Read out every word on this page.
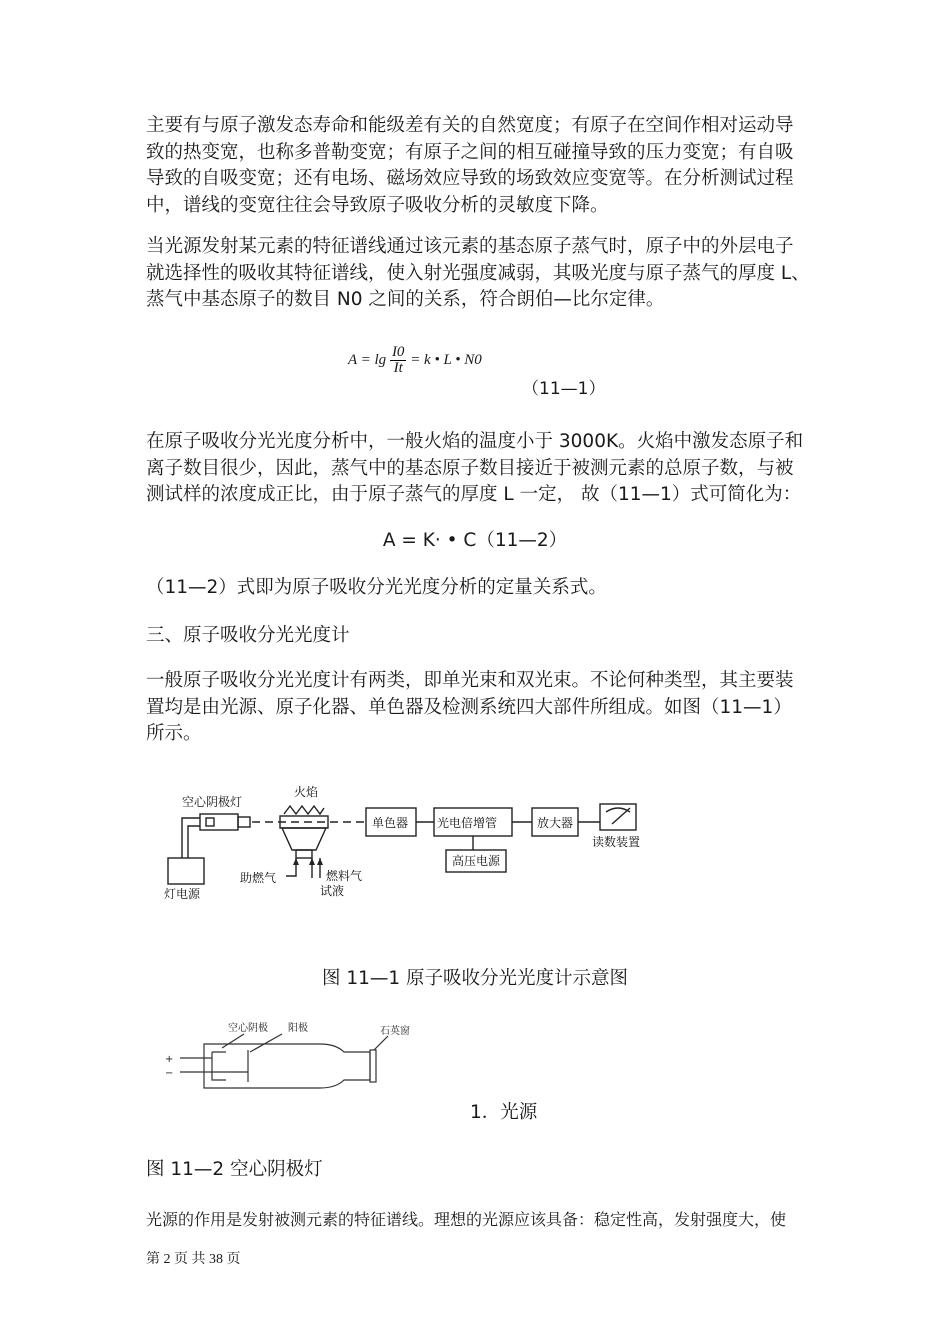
主要有与原子激发态寿命和能级差有关的自然宽度；有原子在空间作相对运动导致的热变宽，也称多普勒变宽；有原子之间的相互碰撞导致的压力变宽；有自吸导致的自吸变宽；还有电场、磁场效应导致的场致效应变宽等。在分析测试过程中，谱线的变宽往往会导致原子吸收分析的灵敏度下降。

当光源发射某元素的特征谱线通过该元素的基态原子蒸气时，原子中的外层电子就选择性的吸收其特征谱线，使入射光强度减弱，其吸光度与原子蒸气的厚度 L、蒸气中基态原子的数目 N0 之间的关系，符合朗伯—比尔定律。

$A = \lg \frac{I0}{It} = k$ • L • N0
（11—1）

在原子吸收分光光度分析中，一般火焰的温度小于 3000K。火焰中激发态原子和离子数目很少，因此，蒸气中的基态原子数目接近于被测元素的总原子数，与被测试样的浓度成正比，由于原子蒸气的厚度 L 一定， 故（11—1）式可简化为：

A = K· • C（11—2）

（11—2）式即为原子吸收分光光度分析的定量关系式。

三、原子吸收分光光度计

一般原子吸收分光光度计有两类，即单光束和双光束。不论何种类型，其主要装置均是由光源、原子化器、单色器及检测系统四大部件所组成。如图（11—1）所示。

空心阴极灯
火焰
单色器 光电倍增管	放大器
读数装置
高压电源
灯电源
助燃气	燃料气
试液
图 11—1 原子吸收分光光度计示意图
+
−
空心阴极 阳极	石英窗
1．光源
图 11—2 空心阴极灯
光源的作用是发射被测元素的特征谱线。理想的光源应该具备：稳定性高，发射强度大，使
第 2 页 共 38 页
